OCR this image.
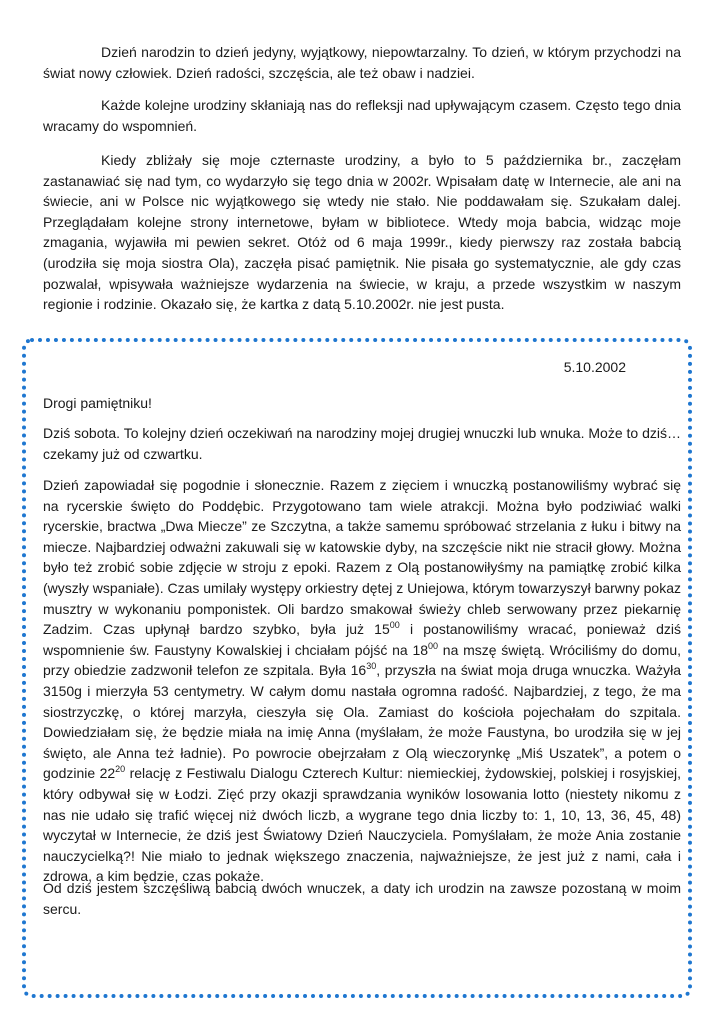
Dzień narodzin to dzień jedyny, wyjątkowy, niepowtarzalny. To dzień, w którym przychodzi na świat nowy człowiek. Dzień radości, szczęścia, ale też obaw i nadziei.

Każde kolejne urodziny skłaniają nas do refleksji nad upływającym czasem. Często tego dnia wracamy do wspomnień.

Kiedy zbliżały się moje czternaste urodziny, a było to 5 października br., zaczęłam zastanawiać się nad tym, co wydarzyło się tego dnia w 2002r. Wpisałam datę w Internecie, ale ani na świecie, ani w Polsce nic wyjątkowego się wtedy nie stało. Nie poddawałam się. Szukałam dalej. Przeglądałam kolejne strony internetowe, byłam w bibliotece. Wtedy moja babcia, widząc moje zmagania, wyjawiła mi pewien sekret. Otóż od 6 maja 1999r., kiedy pierwszy raz została babcią (urodziła się moja siostra Ola), zaczęła pisać pamiętnik. Nie pisała go systematycznie, ale gdy czas pozwalał, wpisywała ważniejsze wydarzenia na świecie, w kraju, a przede wszystkim w naszym regionie i rodzinie. Okazało się, że kartka z datą 5.10.2002r. nie jest pusta.

5.10.2002
Drogi pamiętniku!

Dziś sobota. To kolejny dzień oczekiwań na narodziny mojej drugiej wnuczki lub wnuka. Może to dziś… czekamy już od czwartku.

Dzień zapowiadał się pogodnie i słonecznie. Razem z zięciem i wnuczką postanowiliśmy wybrać się na rycerskie święto do Poddębic. Przygotowano tam wiele atrakcji. Można było podziwiać walki rycerskie, bractwa „Dwa Miecze” ze Szczytna, a także samemu spróbować strzelania z łuku i bitwy na miecze. Najbardziej odważni zakuwali się w katowskie dyby, na szczęście nikt nie stracił głowy. Można było też zrobić sobie zdjęcie w stroju z epoki. Razem z Olą postanowiłyśmy na pamiątkę zrobić kilka (wyszły wspaniałe). Czas umilały występy orkiestry dętej z Uniejowa, którym towarzyszył barwny pokaz musztry w wykonaniu pomponistek. Oli bardzo smakował świeży chleb serwowany przez piekarnię Zadzim. Czas upłynął bardzo szybko, była już $15^{00}$ i postanowiliśmy wracać, ponieważ dziś wspomnienie św. Faustyny Kowalskiej i chciałam pójść na $18^{00}$ na mszę świętą. Wróciliśmy do domu, przy obiedzie zadzwonił telefon ze szpitala. Była $16^{30}$, przyszła na świat moja druga wnuczka. Ważyła 3150g i mierzyła 53 centymetry. W całym domu nastała ogromna radość. Najbardziej, z tego, że ma siostrzyczkę, o której marzyła, cieszyła się Ola. Zamiast do kościoła pojechałam do szpitala. Dowiedziałam się, że będzie miała na imię Anna (myślałam, że może Faustyna, bo urodziła się w jej święto, ale Anna też ładnie). Po powrocie obejrzałam z Olą wieczorynkę „Miś Uszatek”, a potem o godzinie $22^{20}$ relację z Festiwalu Dialogu Czterech Kultur: niemieckiej, żydowskiej, polskiej i rosyjskiej, który odbywał się w Łodzi. Zięć przy okazji sprawdzania wyników losowania lotto (niestety nikomu z nas nie udało się trafić więcej niż dwóch liczb, a wygrane tego dnia liczby to: 1, 10, 13, 36, 45, 48) wyczytał w Internecie, że dziś jest Światowy Dzień Nauczyciela. Pomyślałam, że może Ania zostanie nauczycielką?! Nie miało to jednak większego znaczenia, najważniejsze, że jest już z nami, cała i zdrowa, a kim będzie, czas pokaże.

Od dziś jestem szczęśliwą babcią dwóch wnuczek, a daty ich urodzin na zawsze pozostaną w moim sercu.
